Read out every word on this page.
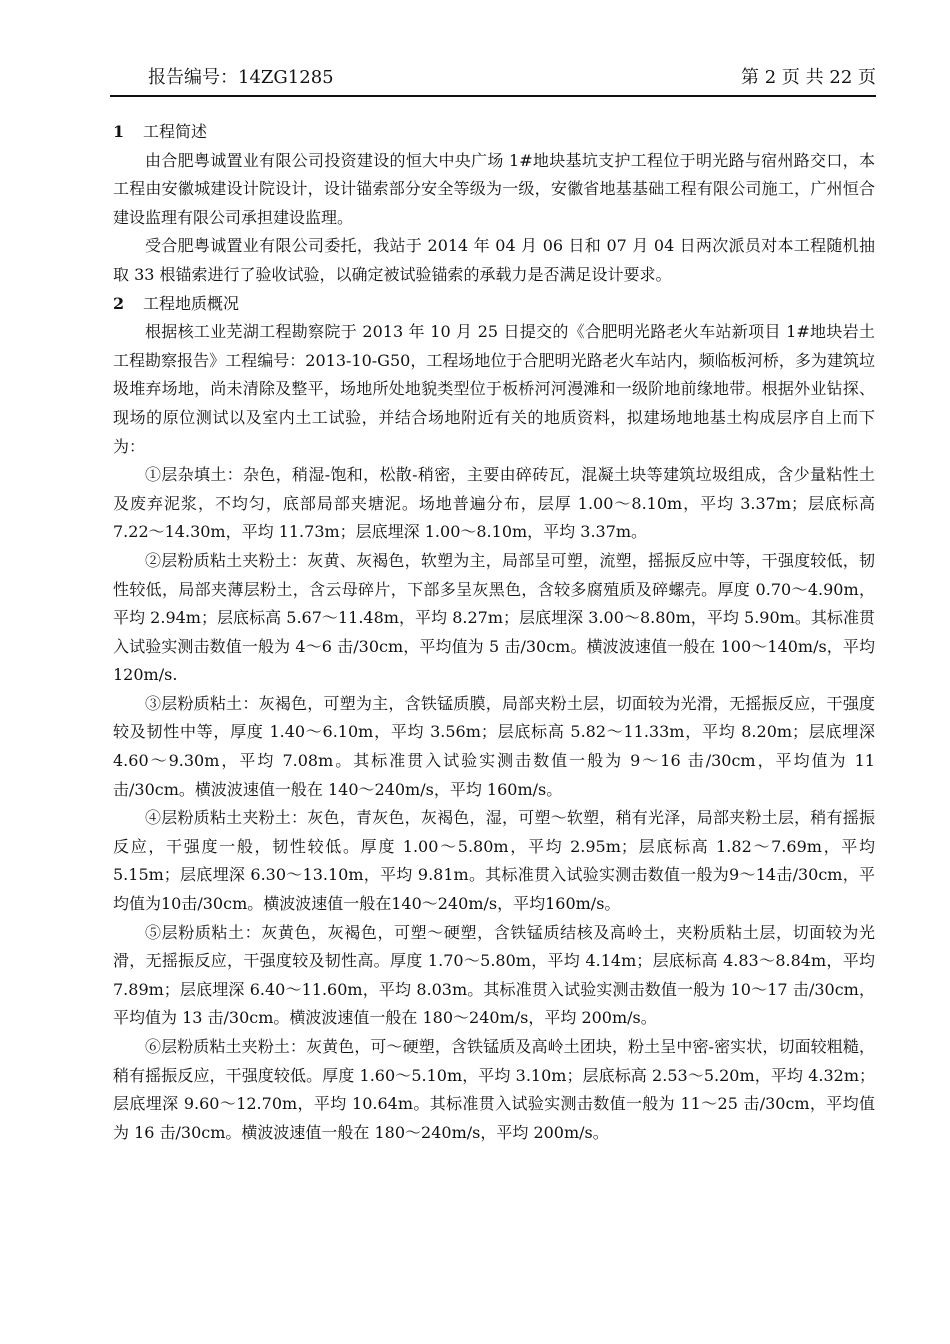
报告编号：14ZG1285	第 2 页 共 22 页
1 工程简述

由合肥粤诚置业有限公司投资建设的恒大中央广场 1#地块基坑支护工程位于明光路与宿州路交口，本工程由安徽城建设计院设计，设计锚索部分安全等级为一级，安徽省地基基础工程有限公司施工，广州恒合建设监理有限公司承担建设监理。

受合肥粤诚置业有限公司委托，我站于 2014 年 04 月 06 日和 07 月 04 日两次派员对本工程随机抽取 33 根锚索进行了验收试验，以确定被试验锚索的承载力是否满足设计要求。

2 工程地质概况

根据核工业芜湖工程勘察院于 2013 年 10 月 25 日提交的《合肥明光路老火车站新项目 1#地块岩土工程勘察报告》工程编号：2013-10-G50，工程场地位于合肥明光路老火车站内，频临板河桥，多为建筑垃圾堆弃场地，尚未清除及整平，场地所处地貌类型位于板桥河河漫滩和一级阶地前缘地带。根据外业钻探、现场的原位测试以及室内土工试验，并结合场地附近有关的地质资料，拟建场地地基土构成层序自上而下为：

①层杂填土：杂色，稍湿-饱和，松散-稍密，主要由碎砖瓦，混凝土块等建筑垃圾组成，含少量粘性土及废弃泥浆，不均匀，底部局部夹塘泥。场地普遍分布，层厚 1.00～8.10m，平均 3.37m；层底标高 7.22～14.30m，平均 11.73m；层底埋深 1.00～8.10m，平均 3.37m。

②层粉质粘土夹粉土：灰黄、灰褐色，软塑为主，局部呈可塑，流塑，摇振反应中等，干强度较低，韧性较低，局部夹薄层粉土，含云母碎片，下部多呈灰黑色，含较多腐殖质及碎螺壳。厚度 0.70～4.90m，平均 2.94m；层底标高 5.67～11.48m，平均 8.27m；层底埋深 3.00～8.80m，平均 5.90m。其标准贯入试验实测击数值一般为 4～6 击/30cm，平均值为 5 击/30cm。横波波速值一般在 100～140m/s，平均 120m/s.

③层粉质粘土：灰褐色，可塑为主，含铁锰质膜，局部夹粉土层，切面较为光滑，无摇振反应，干强度较及韧性中等，厚度 1.40～6.10m，平均 3.56m；层底标高 5.82～11.33m，平均 8.20m；层底埋深 4.60～9.30m，平均 7.08m。其标准贯入试验实测击数值一般为 9～16 击/30cm，平均值为 11 击/30cm。横波波速值一般在 140～240m/s，平均 160m/s。

④层粉质粘土夹粉土：灰色，青灰色，灰褐色，湿，可塑～软塑，稍有光泽，局部夹粉土层，稍有摇振反应，干强度一般，韧性较低。厚度 1.00～5.80m，平均 2.95m；层底标高 1.82～7.69m，平均 5.15m；层底埋深 6.30～13.10m，平均 9.81m。其标准贯入试验实测击数值一般为9～14击/30cm，平均值为10击/30cm。横波波速值一般在140～240m/s，平均160m/s。

⑤层粉质粘土：灰黄色，灰褐色，可塑～硬塑，含铁锰质结核及高岭土，夹粉质粘土层，切面较为光滑，无摇振反应，干强度较及韧性高。厚度 1.70～5.80m，平均 4.14m；层底标高 4.83～8.84m，平均 7.89m；层底埋深 6.40～11.60m，平均 8.03m。其标准贯入试验实测击数值一般为 10～17 击/30cm，平均值为 13 击/30cm。横波波速值一般在 180～240m/s，平均 200m/s。

⑥层粉质粘土夹粉土：灰黄色，可～硬塑，含铁锰质及高岭土团块，粉土呈中密-密实状，切面较粗糙，稍有摇振反应，干强度较低。厚度 1.60～5.10m，平均 3.10m；层底标高 2.53～5.20m，平均 4.32m；层底埋深 9.60～12.70m，平均 10.64m。其标准贯入试验实测击数值一般为 11～25 击/30cm，平均值为 16 击/30cm。横波波速值一般在 180～240m/s，平均 200m/s。
